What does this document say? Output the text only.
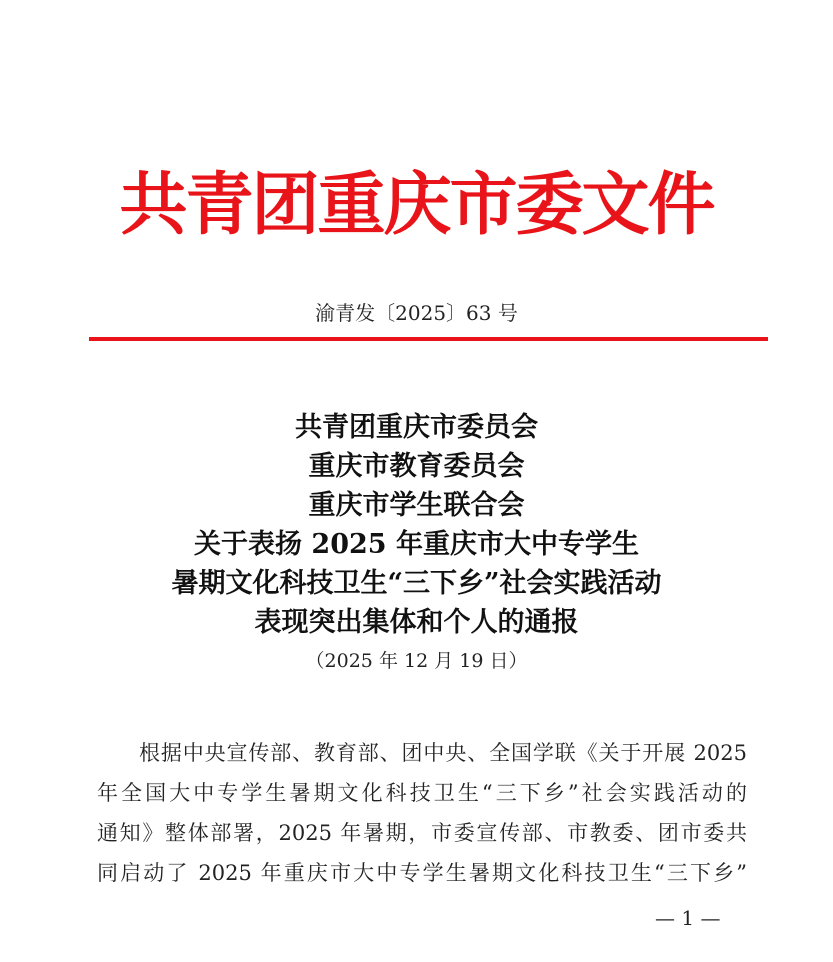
共青团重庆市委文件
渝青发〔2025〕63 号
共青团重庆市委员会
重庆市教育委员会
重庆市学生联合会
关于表扬 2025 年重庆市大中专学生
暑期文化科技卫生“三下乡”社会实践活动
表现突出集体和个人的通报
（2025 年 12 月 19 日）
根据中央宣传部、教育部、团中央、全国学联《关于开展 2025
年全国大中专学生暑期文化科技卫生“三下乡”社会实践活动的
通知》整体部署，2025 年暑期，市委宣传部、市教委、团市委共
同启动了 2025 年重庆市大中专学生暑期文化科技卫生“三下乡”
— 1 —
